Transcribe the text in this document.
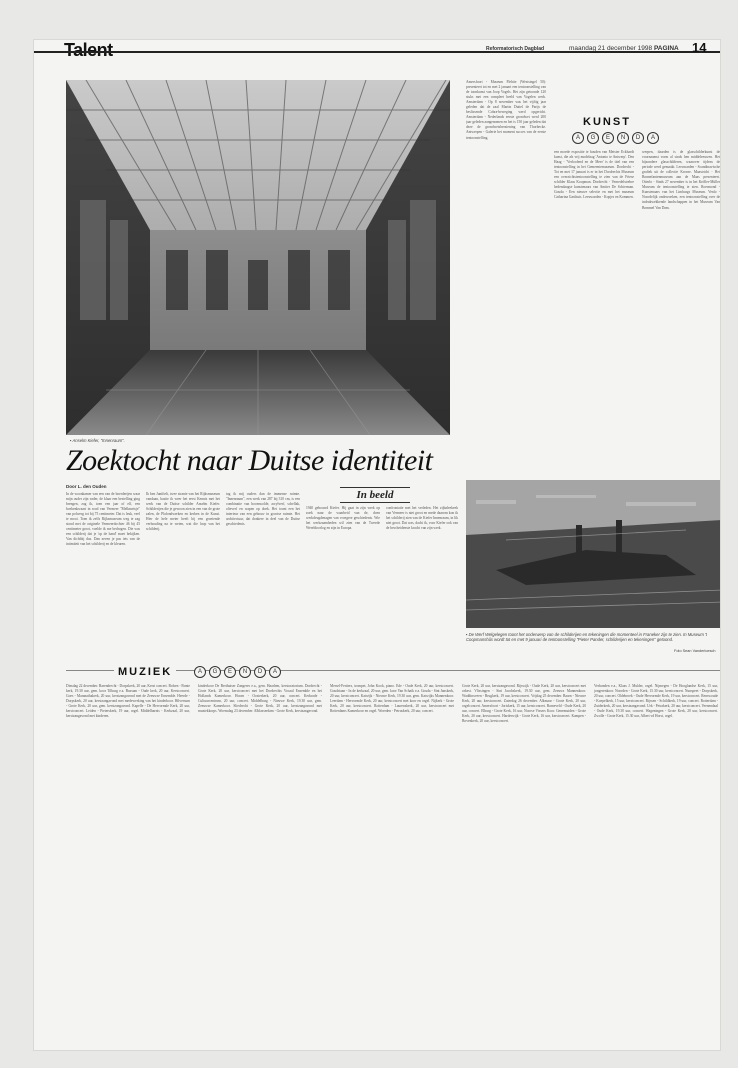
Talent	Reformatorisch Dagblad	maandag 21 december 1998 PAGINA 14
▪ Anselm Kiefer, "Innenraum".
Zoektocht naar Duitse identiteit
Door L. den Ouden
In beeld
In de woonkamer van een van de boerderijen waar mijn ouder zijn vader, de klaar een bestelling ging brengen, zag ik, toen een jaar of elf, een boekenkwaart in rood van Vermeer "Melkmeisje" van polwerg tot bij 75 centimeter. Dat is leuk, veel te mooi. Toen ik zelfs Rijksmuseum weg te zag stond met de originele Vermeerdochter 46 bij 45 centimeter groot, voelde ik me bedrogen. Die was een schilderij dat je 'op de hand' moet bekijken. Van dichtbij dus. Dan zeven je pas iets van de intimiteit van het schilderij en de kleuren.
Ik ben Juniftelt, twee stranie van het Rijksmuseum vandaan, hastie ik weer het eerst Kennis met het werk van de Duitse schilder Anselm Kiefer. Schilderijen die je gewoon zien in een van de grote zalen, de Plafondwerken en kerken in de Kunst. Hier de hele meter heeft hij een groeiende verhouding na te weten, wat die loop van het schilderij.
tag ik mij ouders dan de immense ruimte. "Innenraum", een werk van 287 bij 310 cm, is een combinatie van boomwolde, acrylverf, schellak, olieverf en wapen op doek. Het toont een het interieur van een gebouw in grootse ruimte. Het architectuur, dat donkere in deel van de Duitse geschiedenis.
1940 gebouwd Kiefer. Hij gaat in zijn werk op zoek naar de waarheid van de, doen werkdeugdenagen van vroegere geschiedenis. Wie het werkzaamheden wil zien van de Tweede Wereldoorlog en zijn in Europa.
confrontatie met het verleden. Het zijbaleekeek van Vermeer is niet groot en mede daarom kon ik het schilderij zien van de Kiefer Innenraum, in lik niet groot. Dat was, dacht ik, voor Kiefer ook van de bescheidenste kracht van zijn werk.
KUNST
A	G	E	N	D	A
Amersfoort - Museum Flehite (Westsingel 50): presenteert tot en met 2 januari een tentoonstelling van de toonkunst van Joop Vogels. Het zijn getoonde 120 stuks met een compleet beeld van Vogelen werk. Amsterdam - Op 8 november was het vijftig jaar geleden dat de zaal Martin Duttel de Parijs de beslissende Cobra-beweging werd opgericht. Amsterdam - Nederlands eerste grondwet werd 200 jaar geleden aangenomen en het is 150 jaar geleden dat deze de grondwetsherziening van Thorbecke. Antwerpen - Galerie het moment succes van de eerste tentoonstelling.
een moede expositie te houden van Meister Eckhardt kunst, die als vrij modelzag 'Antonio te Antwerp'. Den Haag - 'Verloofend en de Meer' is de titel van een tentoonstelling in het Gemeentemuseum. Dordrecht - Tot en met 17 januari is er in het Dordrechts Museum een overzichtstentoonstelling te zien van de Friese schilder Klaas Koopman. Dordrecht - Vernedelstrebre hedendaagse kunstenaars van Amiter De Schierman. Gouda - Een nieuwe selectie en met het museum Catharina Gasthuis. Leeuwarden - Kopjes en Kommen.
werpen, daarden is de glasschilderkunst de voornaamst vorm al sinds hen middeleeuwen. Het bijzondere glasschilderen, waarover tijdens de periode werd gemaakt. Leeuwarden - Scandinavische grafiek uit de collectie Kroeze. Maastricht - Het Bonnefantenmuseum aan de Maas presenteert. Otterlo - Sinds 27 november is in het Kröller-Müller Museum de tentoonstelling te zien. Roermond - Kunstenaars van het Limburgs Museum. Venlo - Noordelijk onderzoeken, een tentoonstelling over de indrukwekkende landschappen in het Museum Van Bommel Van Dam.
▪ De Werf Welgelegen toont het onderwerp van de schilderijen en tekeningen die momenteel in Franeker zijn te zien. In Museum 't Coopmanshûs wordt tot en met 9 januari de tentoonstelling "Pieter Pander, schilderijen en tekeningen" getoond.
Foto Sean Vanderloesch
MUZIEK	A	G	E	N	D	A
Dinsdag 22 december. Barendrecht - Dorpskerk, 20 uur, Kerst concert. Bolsen - Bonte kerk, 19.30 uur, gem. koor Tilburg e.a. Bussum - Oude kerk, 20 uur, Kerstconcert. Goes - Maranathakerk, 20 uur, kerstzangavond met de Zeeuwse Ensemble. Heerde - Dorpskerk, 20 uur, kerstzangavond met medewerking van het kinderkoor. Hilversum - Grote Kerk, 20 uur, gem. kerstzangavond. Kapelle - De Hervormde Kerk, 20 uur, kerstconcert. Leiden - Pieterskerk, 19 uur, orgel. Middelharnis - Kerkzaal, 20 uur, kerstzangavond met kinderen.
kinderkoor De Berthuiser Zangeres e.a., gem. Haarlem, kerstoratorium. Dordrecht - Grote Kerk, 20 uur, kerstconcert met het Dordrechts Vocaal Ensemble en het Hollands Kamerkoor. Hoorn - Oosterkerk, 20 uur, concert. Kerkrade - Cultuurcentrum, 20 uur, concert. Middelburg - Nieuwe Kerk, 19.30 uur, gem. Zeeuwse Kamerkoor. Sliedrecht - Grote Kerk, 20 uur, kerstzangavond met muziekkorps. Woensdag 23 december. Alblasserdam - Grote Kerk, kerstzangavond.
Mersel-Fertters, trompet, John Kook, piano. Ede - Oude Kerk, 20 uur, kerstconcert. Goudriaan - In de kerkzaal, 20 uur, gem. koor Van Schaik e.a. Gouda - Sint Janskerk, 20 uur, kerstconcert. Katwijk - Nieuwe Kerk, 19.30 uur, gem. Katwijks Mannenkoor. Leerdam - Hervormde Kerk, 20 uur, kerstconcert met koor en orgel. Nijkerk - Grote Kerk, 20 uur, kerstconcert. Rotterdam - Laurenskerk, 20 uur, kerstconcert met Rotterdams Kamerkoor en orgel. Woerden - Petruskerk, 20 uur, concert.
Grote Kerk, 20 uur, kerstzangavond. Rijswijk - Oude Kerk, 20 uur, kerstconcert met orkest. Vlissingen - Sint Jacobskerk, 19.30 uur, gem. Zeeuws Mannenkoor. Waddinxveen - Brugkerk, 19 uur, kerstconcert. Vrijdag 25 december. Baarn - Nieuwe Kerk, 20 uur, kerstconcert. Zaterdag 26 december. Alkmaar - Grote Kerk, 20 uur, orgelconcert. Amersfoort - Joriskerk, 15 uur, kerstconcert. Barneveld - Oude Kerk, 20 uur, concert. Elburg - Grote Kerk, 16 uur, Noorse Vissers Koor. Genemuiden - Grote Kerk, 20 uur, kerstconcert. Harderwijk - Grote Kerk, 16 uur, kerstconcert. Kampen - Bovenkerk, 20 uur, kerstconcert.
Verbonden e.a., Klaas J. Mulder, orgel. Nijmegen - De Hooglandse Kerk, 15 uur, jongerenkoor. Noorden - Grote Kerk, 15.30 uur, kerstconcert. Nunspeet - Dorpskerk, 20 uur, concert. Oldebroek - Oude Hervormde Kerk, 19 uur, kerstconcert. Renswoude - Koepelkerk, 15 uur, kerstconcert. Rijssen - Schildkerk, 19 uur, concert. Rotterdam - Zuiderkerk, 20 uur, kerstzangavond. Urk - Petrakerk, 20 uur, kerstconcert. Veenendaal - Oude Kerk, 19.30 uur, concert. Wageningen - Grote Kerk, 20 uur, kerstconcert. Zwolle - Grote Kerk, 15.30 uur, Albert vd Horst, orgel.
